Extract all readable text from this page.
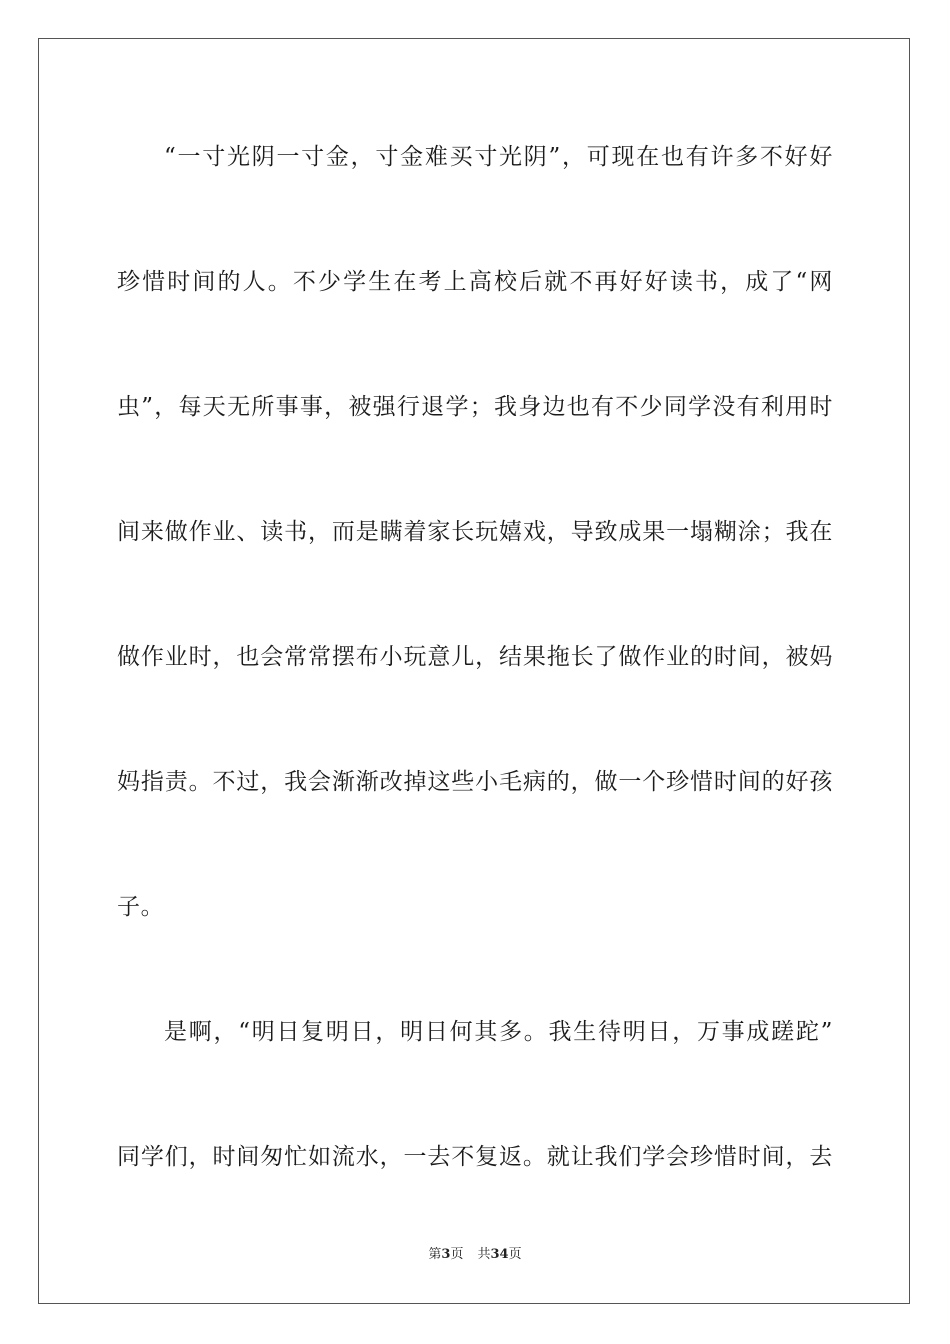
“一寸光阴一寸金，寸金难买寸光阴”，可现在也有许多不好好
珍惜时间的人。不少学生在考上高校后就不再好好读书，成了“网
虫”，每天无所事事，被强行退学；我身边也有不少同学没有利用时
间来做作业、读书，而是瞒着家长玩嬉戏，导致成果一塌糊涂；我在
做作业时，也会常常摆布小玩意儿，结果拖长了做作业的时间，被妈
妈指责。不过，我会渐渐改掉这些小毛病的，做一个珍惜时间的好孩
子。
是啊，“明日复明日，明日何其多。我生待明日，万事成蹉跎”
同学们，时间匆忙如流水，一去不复返。就让我们学会珍惜时间，去
第3页 共34页
